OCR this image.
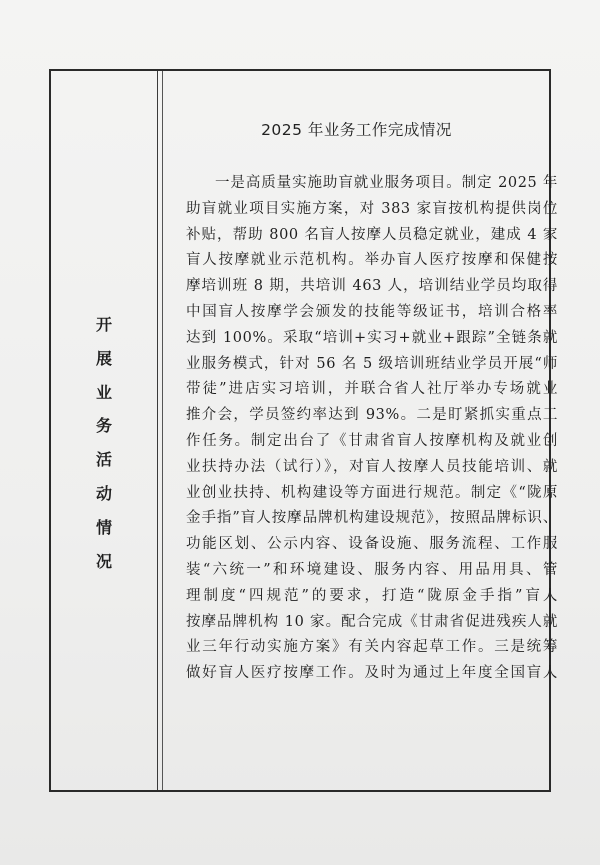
开
展
业
务
活
动
情
况
2025 年业务工作完成情况
一是高质量实施助盲就业服务项目。制定 2025 年
助盲就业项目实施方案，对 383 家盲按机构提供岗位
补贴，帮助 800 名盲人按摩人员稳定就业，建成 4 家
盲人按摩就业示范机构。举办盲人医疗按摩和保健按
摩培训班 8 期，共培训 463 人，培训结业学员均取得
中国盲人按摩学会颁发的技能等级证书，培训合格率
达到 100%。采取“培训+实习+就业+跟踪”全链条就
业服务模式，针对 56 名 5 级培训班结业学员开展“师
带徒”进店实习培训，并联合省人社厅举办专场就业
推介会，学员签约率达到 93%。二是盯紧抓实重点工
作任务。制定出台了《甘肃省盲人按摩机构及就业创
业扶持办法（试行）》，对盲人按摩人员技能培训、就
业创业扶持、机构建设等方面进行规范。制定《“陇原
金手指”盲人按摩品牌机构建设规范》，按照品牌标识、
功能区划、公示内容、设备设施、服务流程、工作服
装“六统一”和环境建设、服务内容、用品用具、管
理制度“四规范”的要求，打造“陇原金手指”盲人
按摩品牌机构 10 家。配合完成《甘肃省促进残疾人就
业三年行动实施方案》有关内容起草工作。三是统筹
做好盲人医疗按摩工作。及时为通过上年度全国盲人
